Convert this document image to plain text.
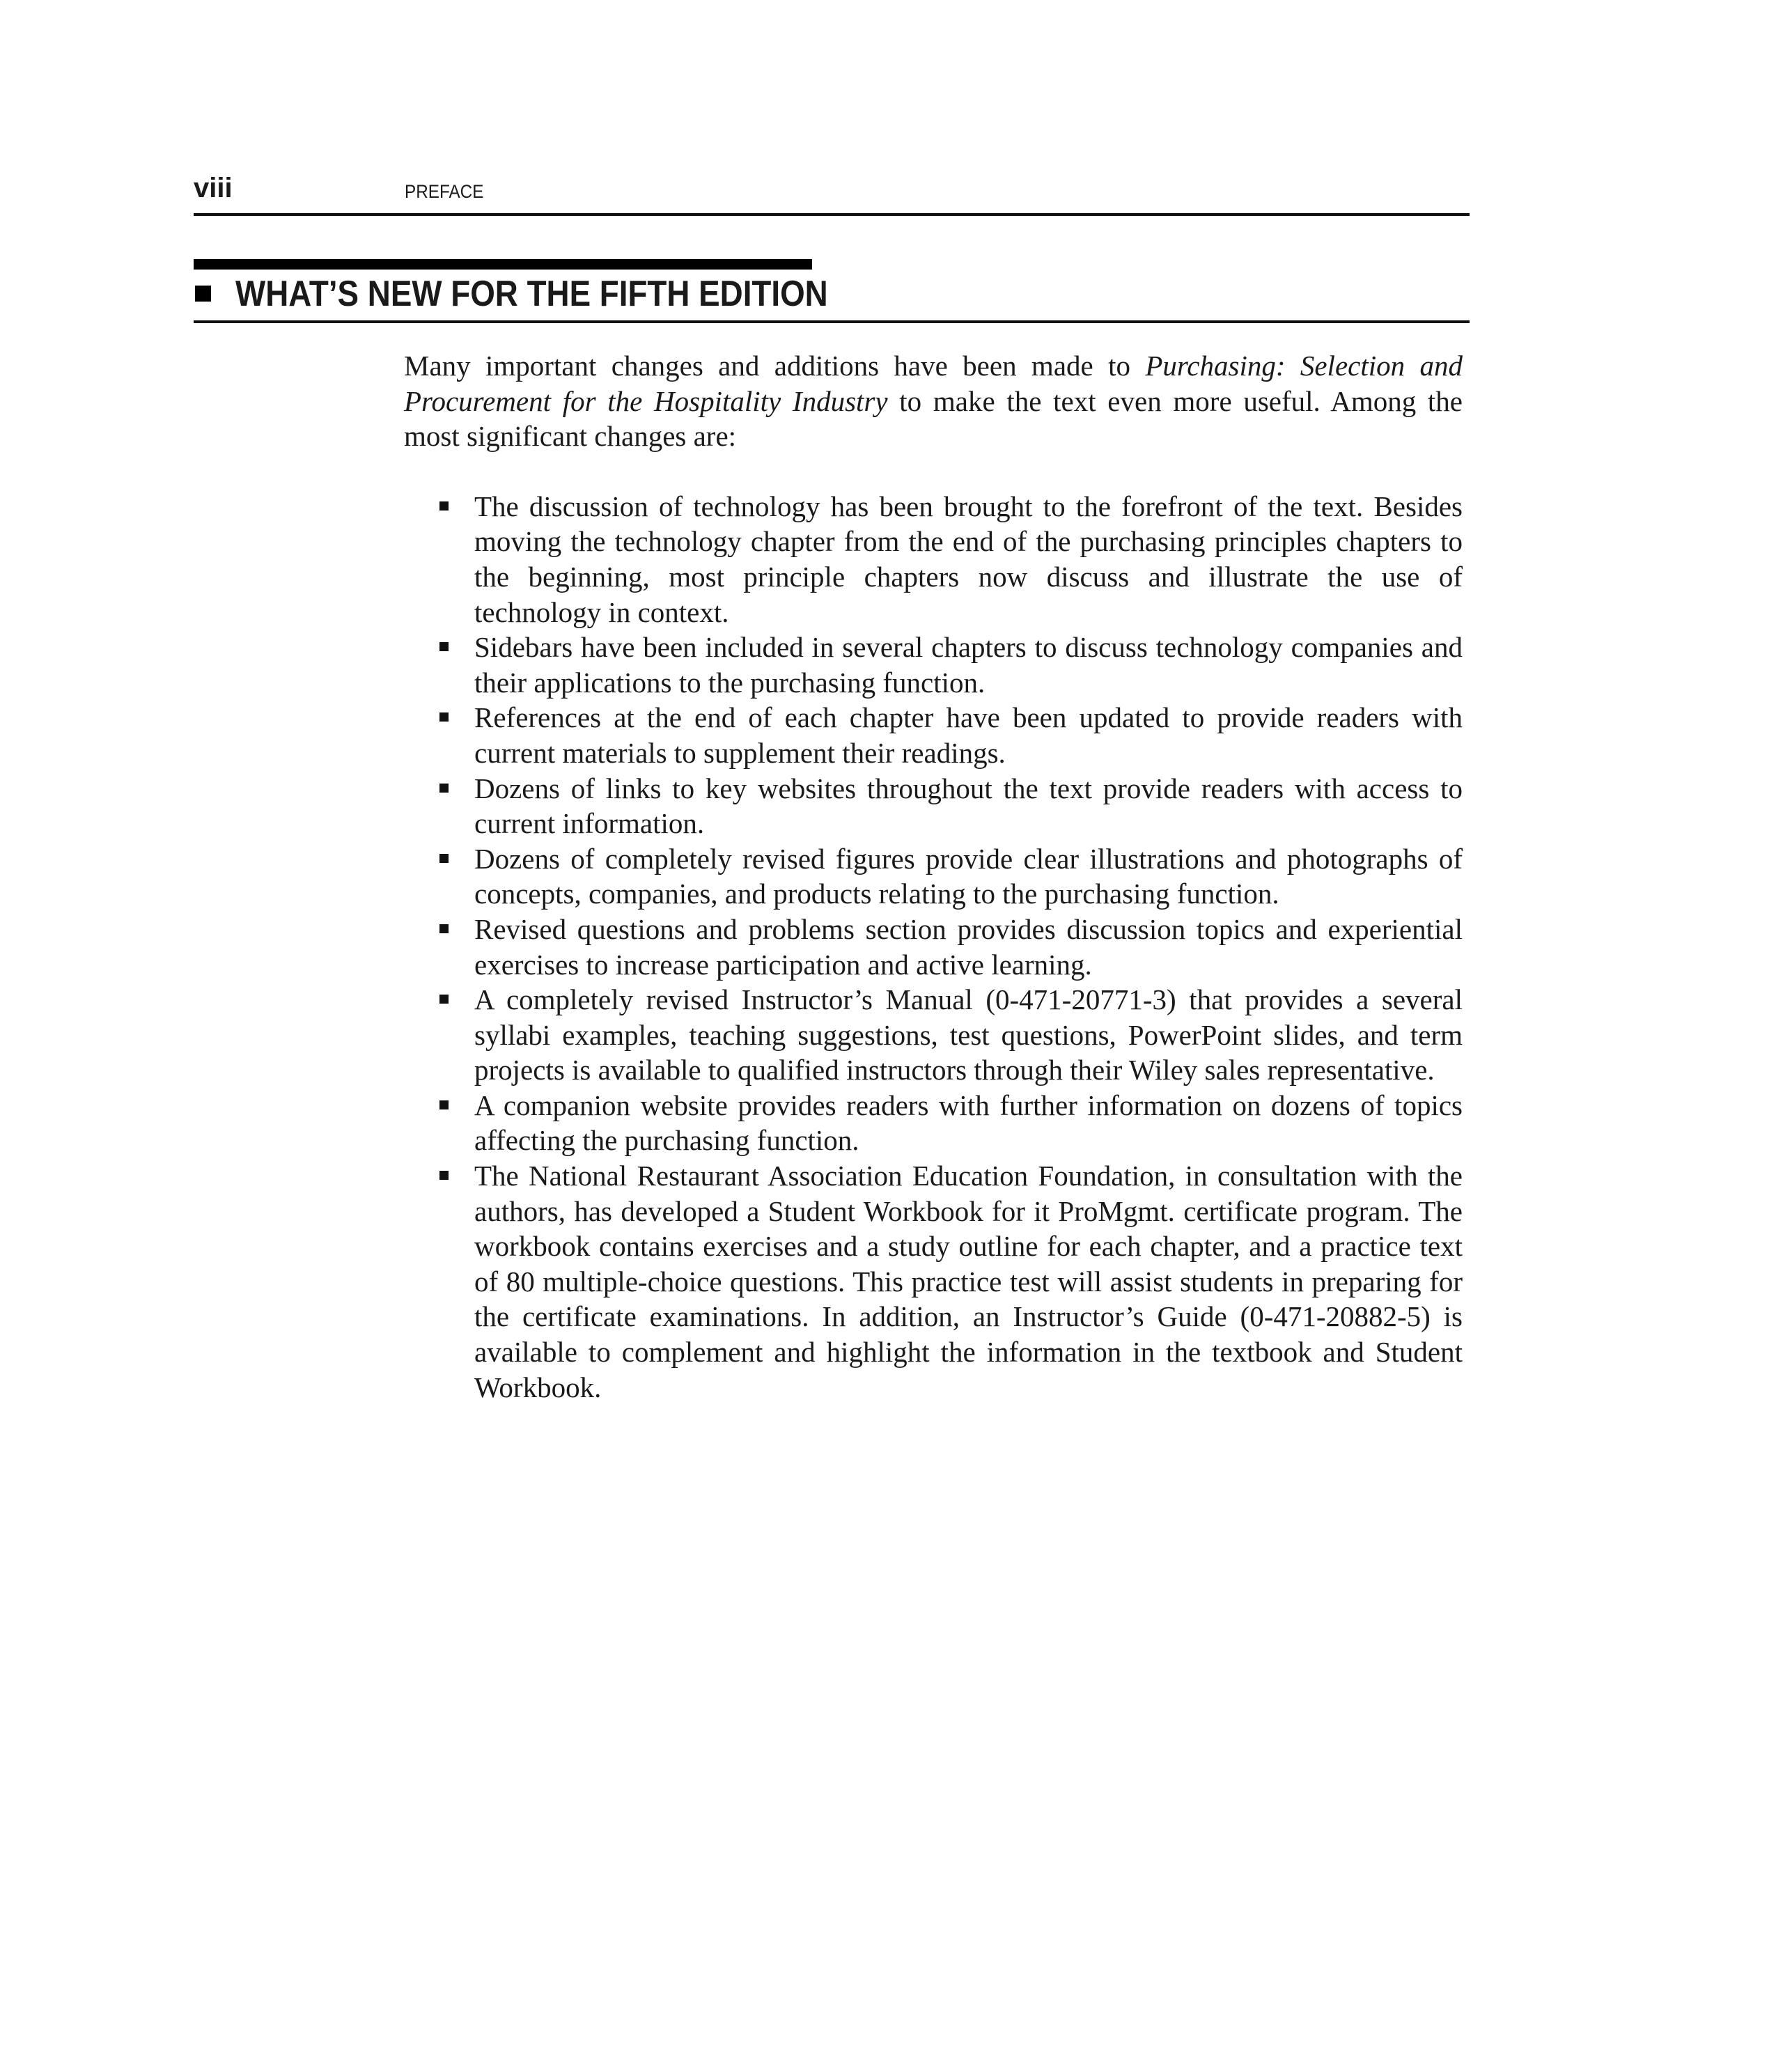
viii	PREFACE
WHAT’S NEW FOR THE FIFTH EDITION

Many important changes and additions have been made to Purchasing: Selection and Procurement for the Hospitality Industry to make the text even more useful. Among the most significant changes are:

The discussion of technology has been brought to the forefront of the text. Besides moving the technology chapter from the end of the purchasing principles chapters to the beginning, most principle chapters now discuss and illustrate the use of technology in context.
Sidebars have been included in several chapters to discuss technology companies and their applications to the purchasing function.
References at the end of each chapter have been updated to provide readers with current materials to supplement their readings.
Dozens of links to key websites throughout the text provide readers with access to current information.
Dozens of completely revised figures provide clear illustrations and photographs of concepts, companies, and products relating to the purchasing function.
Revised questions and problems section provides discussion topics and experiential exercises to increase participation and active learning.
A completely revised Instructor’s Manual (0-471-20771-3) that provides a several syllabi examples, teaching suggestions, test questions, PowerPoint slides, and term projects is available to qualified instructors through their Wiley sales representative.
A companion website provides readers with further information on dozens of topics affecting the purchasing function.
The National Restaurant Association Education Foundation, in consultation with the authors, has developed a Student Workbook for it ProMgmt. certificate program. The workbook contains exercises and a study outline for each chapter, and a practice text of 80 multiple-choice questions. This practice test will assist students in preparing for the certificate examinations. In addition, an Instructor’s Guide (0-471-20882-5) is available to complement and highlight the information in the textbook and Student Workbook.
